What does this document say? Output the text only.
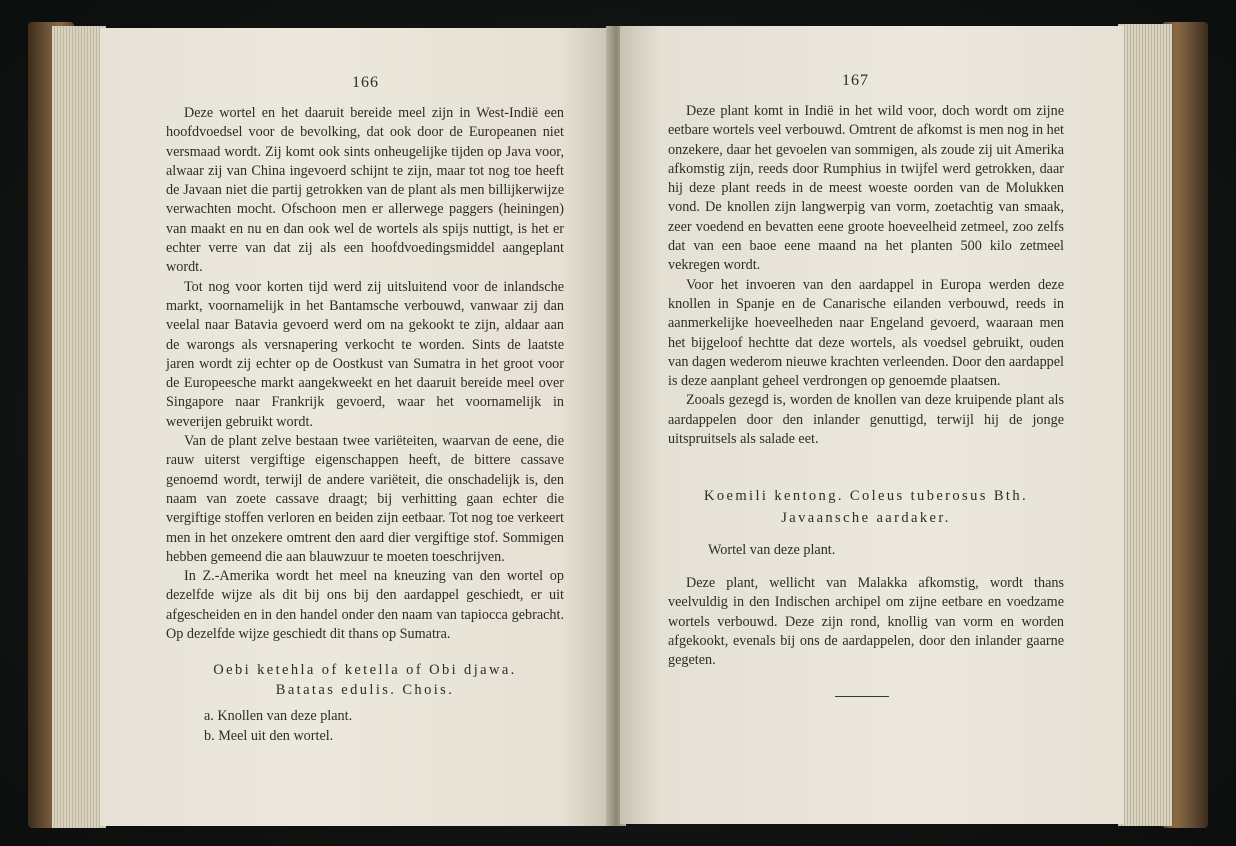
166

Deze wortel en het daaruit bereide meel zijn in West-Indië een hoofdvoedsel voor de bevolking, dat ook door de Europeanen niet versmaad wordt. Zij komt ook sints onheugelijke tijden op Java voor, alwaar zij van China ingevoerd schijnt te zijn, maar tot nog toe heeft de Javaan niet die partij getrokken van de plant als men billijkerwijze verwachten mocht. Ofschoon men er allerwege paggers (heiningen) van maakt en nu en dan ook wel de wortels als spijs nuttigt, is het er echter verre van dat zij als een hoofdvoedingsmiddel aangeplant wordt.

Tot nog voor korten tijd werd zij uitsluitend voor de inlandsche markt, voornamelijk in het Bantamsche verbouwd, vanwaar zij dan veelal naar Batavia gevoerd werd om na gekookt te zijn, aldaar aan de warongs als versnapering verkocht te worden. Sints de laatste jaren wordt zij echter op de Oostkust van Sumatra in het groot voor de Europeesche markt aangekweekt en het daaruit bereide meel over Singapore naar Frankrijk gevoerd, waar het voornamelijk in weverijen gebruikt wordt.

Van de plant zelve bestaan twee variëteiten, waarvan de eene, die rauw uiterst vergiftige eigenschappen heeft, de bittere cassave genoemd wordt, terwijl de andere variëteit, die onschadelijk is, den naam van zoete cassave draagt; bij verhitting gaan echter die vergiftige stoffen verloren en beiden zijn eetbaar. Tot nog toe verkeert men in het onzekere omtrent den aard dier vergiftige stof. Sommigen hebben gemeend die aan blauwzuur te moeten toeschrijven.

In Z.-Amerika wordt het meel na kneuzing van den wortel op dezelfde wijze als dit bij ons bij den aardappel geschiedt, er uit afgescheiden en in den handel onder den naam van tapiocca gebracht. Op dezelfde wijze geschiedt dit thans op Sumatra.

Oebi ketehla of ketella of Obi djawa.
Batatas edulis. Chois.
a. Knollen van deze plant.
b. Meel uit den wortel.
167

Deze plant komt in Indië in het wild voor, doch wordt om zijne eetbare wortels veel verbouwd. Omtrent de afkomst is men nog in het onzekere, daar het gevoelen van sommigen, als zoude zij uit Amerika afkomstig zijn, reeds door Rumphius in twijfel werd getrokken, daar hij deze plant reeds in de meest woeste oorden van de Molukken vond. De knollen zijn langwerpig van vorm, zoetachtig van smaak, zeer voedend en bevatten eene groote hoeveelheid zetmeel, zoo zelfs dat van een baoe eene maand na het planten 500 kilo zetmeel vekregen wordt.

Voor het invoeren van den aardappel in Europa werden deze knollen in Spanje en de Canarische eilanden verbouwd, reeds in aanmerkelijke hoeveelheden naar Engeland gevoerd, waaraan men het bijgeloof hechtte dat deze wortels, als voedsel gebruikt, ouden van dagen wederom nieuwe krachten verleenden. Door den aardappel is deze aanplant geheel verdrongen op genoemde plaatsen.

Zooals gezegd is, worden de knollen van deze kruipende plant als aardappelen door den inlander genuttigd, terwijl hij de jonge uitspruitsels als salade eet.

Koemili kentong. Coleus tuberosus Bth.
Javaansche aardaker.
Wortel van deze plant.

Deze plant, wellicht van Malakka afkomstig, wordt thans veelvuldig in den Indischen archipel om zijne eetbare en voedzame wortels verbouwd. Deze zijn rond, knollig van vorm en worden afgekookt, evenals bij ons de aardappelen, door den inlander gaarne gegeten.
